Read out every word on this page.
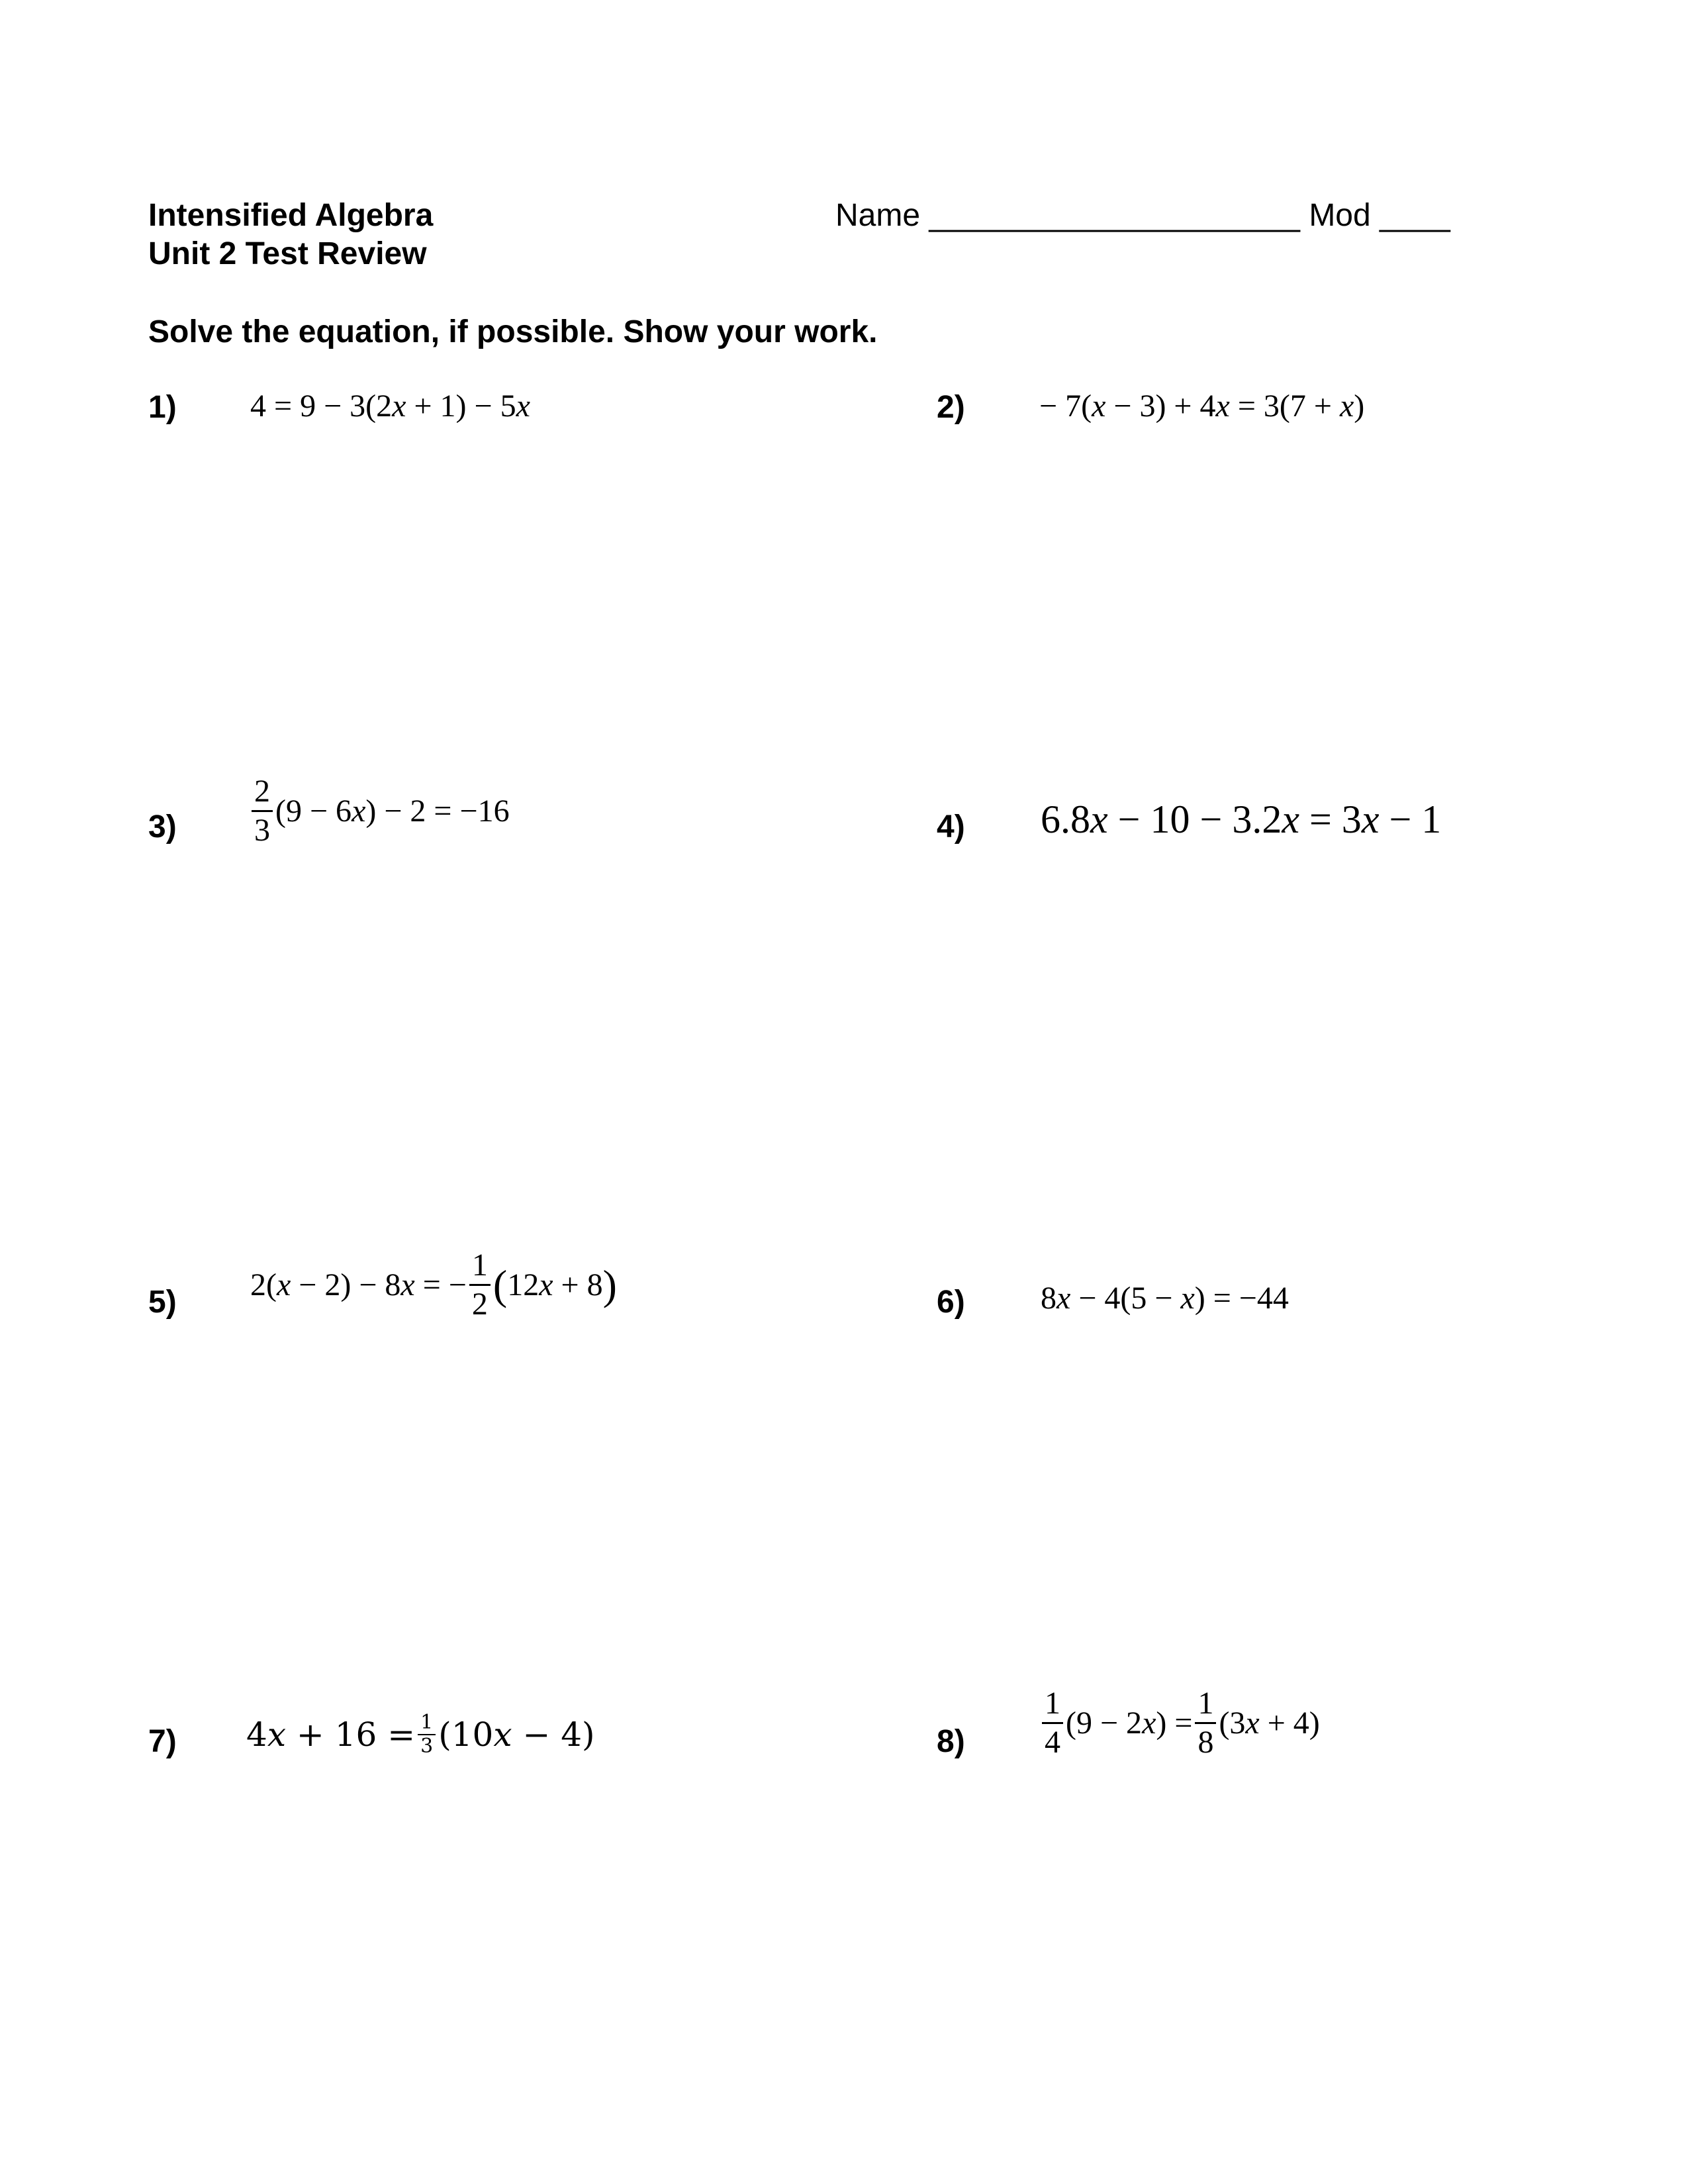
Intensified Algebra
Unit 2 Test Review
Name _____________________ Mod ____
Solve the equation, if possible. Show your work.
1) 4 = 9 − 3(2x + 1) − 5x	2) − 7(x − 3) + 4x = 3(7 + x)
$3) \frac{2}{3} (9 - 6x) - 2 = -16$	4) 6.8x − 10 − 3.2x = 3x − 1
5) 2(x − 2) − 8x = − $\frac{1}{2}$ ( 12x + 8 )	6) 8x − 4(5 − x) = −44
7) $4x + 16 = \frac{1}{3} (10x - 4)$	$8) \frac{1}{4} (9 - 2x) = \frac{1}{8} (3x + 4)$
